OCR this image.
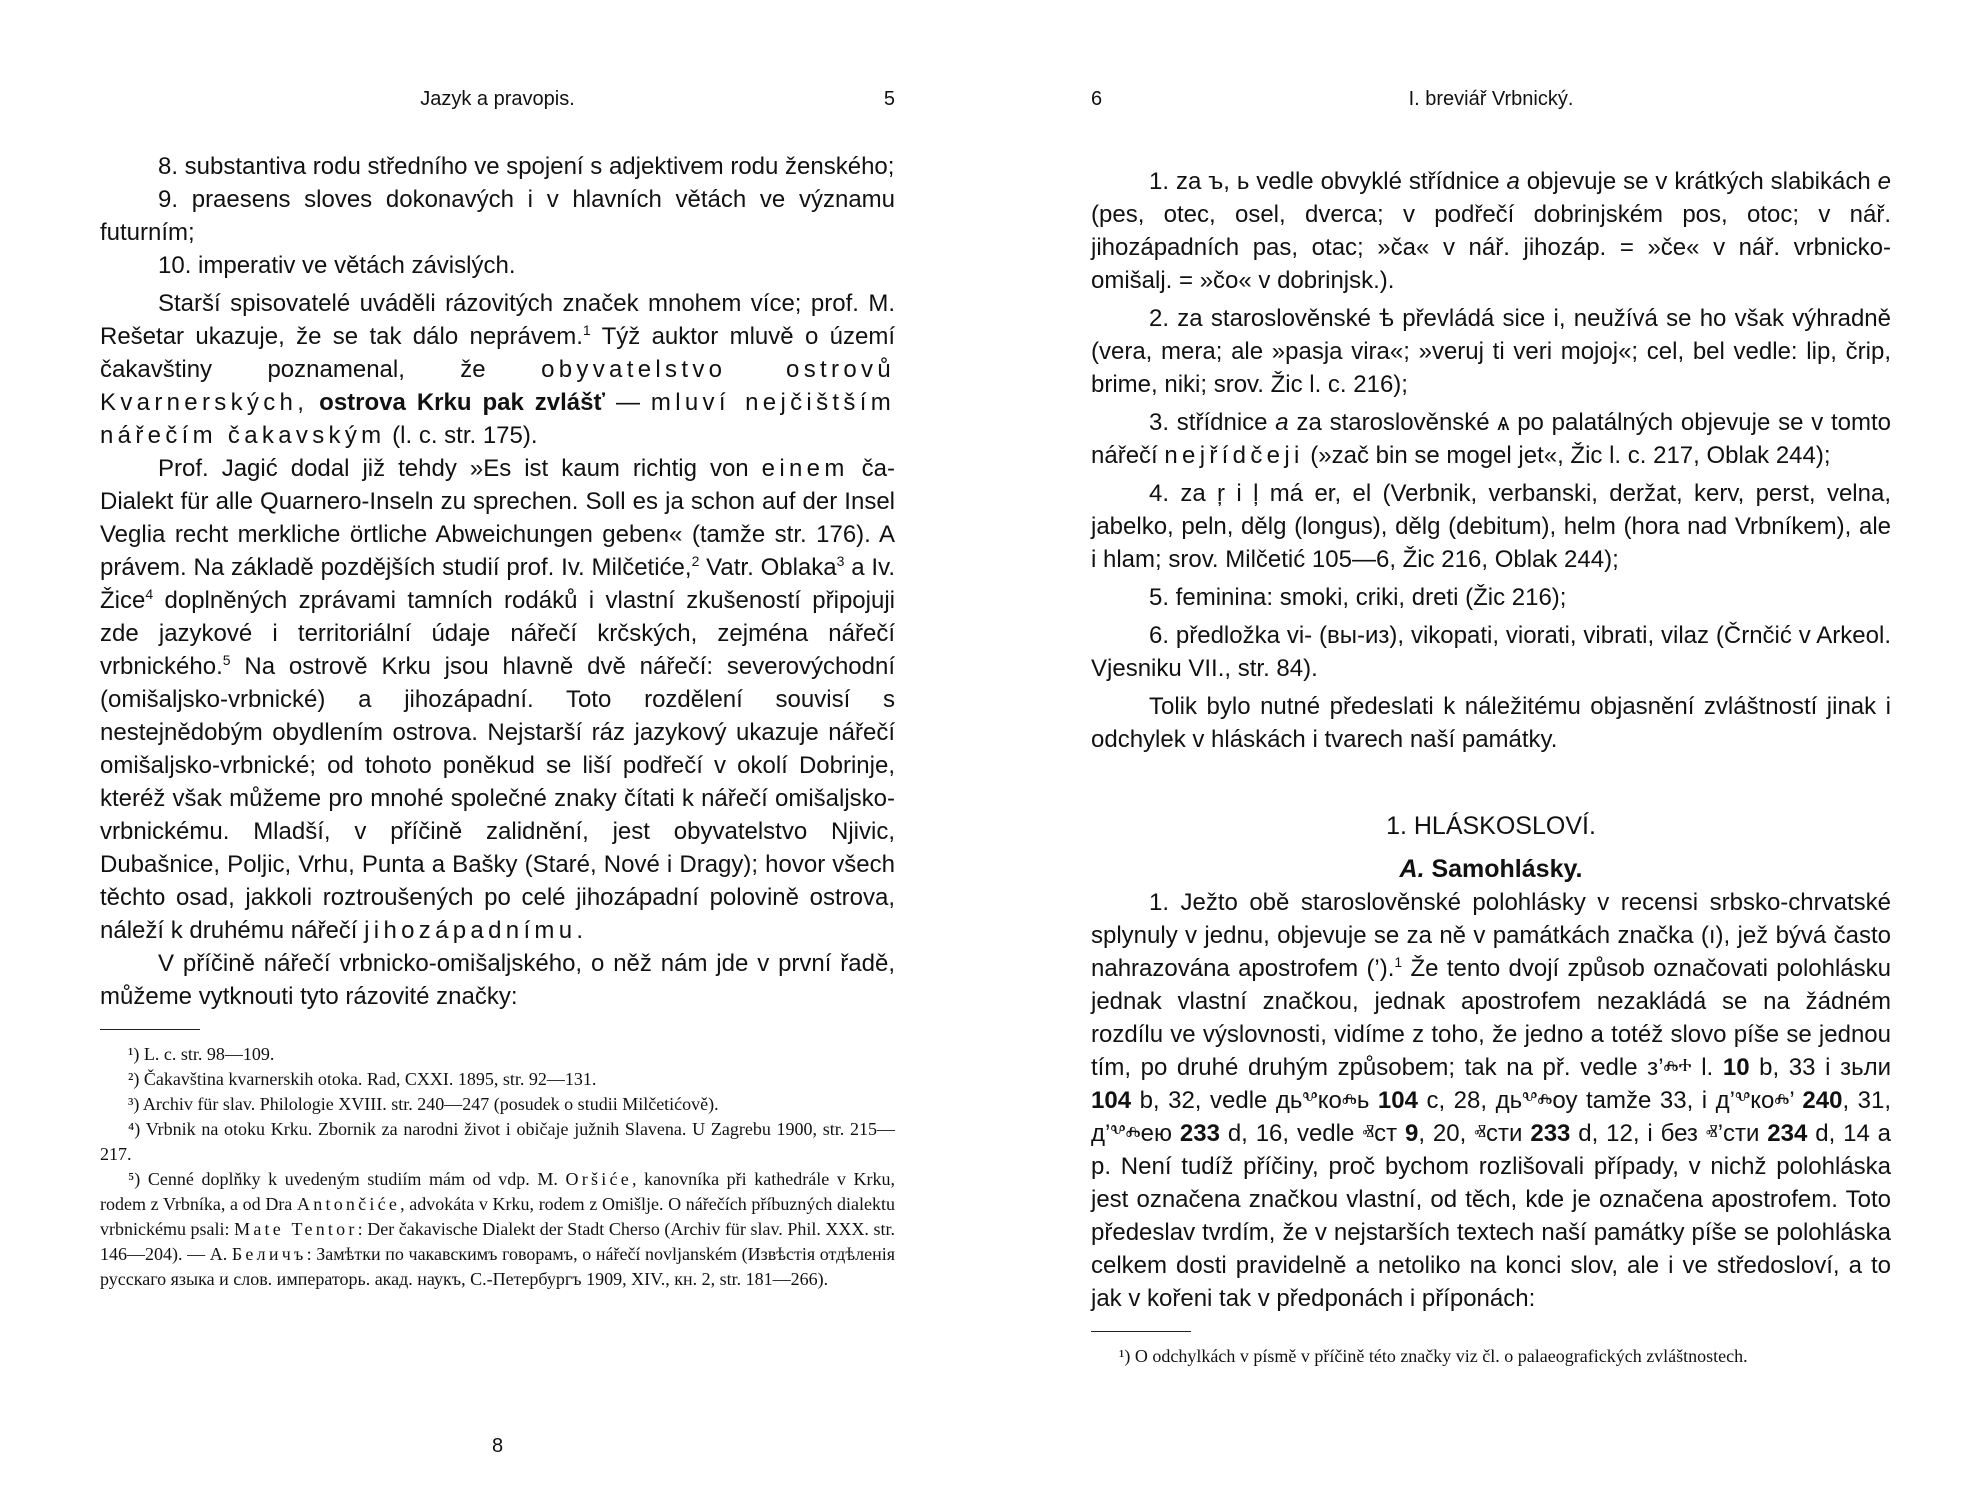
Jazyk a pravopis.	5

8. substantiva rodu středního ve spojení s adjektivem rodu ženského;

9. praesens sloves dokonavých i v hlavních větách ve významu futurním;

10. imperativ ve větách závislých.

Starší spisovatelé uváděli rázovitých značek mnohem více; prof. M. Rešetar ukazuje, že se tak dálo neprávem.$^1$ Týž auktor mluvě o území čakavštiny poznamenal, že obyvatelstvo ostrovů Kvarnerských, ostrova Krku pak zvlášť — mluví nejčištším nářečím čakavským (l. c. str. 175).

Prof. Jagić dodal již tehdy »Es ist kaum richtig von einem ča-Dialekt für alle Quarnero-Inseln zu sprechen. Soll es ja schon auf der Insel Veglia recht merkliche örtliche Abweichungen geben« (tamže str. 176). A právem. Na základě pozdějších studií prof. Iv. Milčetiće,$^2$ Vatr. Oblaka$^3$ a Iv. Žice$^4$ doplněných zprávami tamních rodáků i vlastní zkušeností připojuji zde jazykové i territoriální údaje nářečí krčských, zejména nářečí vrbnického.$^5$ Na ostrově Krku jsou hlavně dvě nářečí: severovýchodní (omišaljsko-vrbnické) a jihozápadní. Toto rozdělení souvisí s nestejnědobým obydlením ostrova. Nejstarší ráz jazykový ukazuje nářečí omišaljsko-vrbnické; od tohoto poněkud se liší podřečí v okolí Dobrinje, kteréž však můžeme pro mnohé společné znaky čítati k nářečí omišaljsko-vrbnickému. Mladší, v příčině zalidnění, jest obyvatelstvo Njivic, Dubašnice, Poljic, Vrhu, Punta a Bašky (Staré, Nové i Dragy); hovor všech těchto osad, jakkoli roztroušených po celé jihozápadní polovině ostrova, náleží k druhému nářečí jihozápadnímu.

V příčině nářečí vrbnicko-omišaljského, o něž nám jde v první řadě, můžeme vytknouti tyto rázovité značky:

¹) L. c. str. 98—109.

²) Čakavština kvarnerskih otoka. Rad, CXXI. 1895, str. 92—131.

³) Archiv für slav. Philologie XVIII. str. 240—247 (posudek o studii Milčetićově).

⁴) Vrbnik na otoku Krku. Zbornik za narodni život i običaje južnih Slavena. U Zagrebu 1900, str. 215—217.

⁵) Cenné doplňky k uvedeným studiím mám od vdp. M. Oršiće, kanovníka při kathedrále v Krku, rodem z Vrbníka, a od Dra Antončiće, advokáta v Krku, rodem z Omišlje. O nářečích příbuzných dialektu vrbnickému psali: Mate Tentor: Der čakavische Dialekt der Stadt Cherso (Archiv für slav. Phil. XXX. str. 146—204). — А. Беличъ: Замѣтки по чакавскимъ говорамъ, о нářečí novljanském (Извѣстія отдѣленія русскаго языка и слов. императорь. акад. наукъ, С.-Петербургъ 1909, XIV., кн. 2, str. 181—266).

8
6	I. breviář Vrbnický.

1. za ъ, ь vedle obvyklé střídnice a objevuje se v krátkých slabikách e (pes, otec, osel, dverca; v podřečí dobrinjském pos, otoc; v nář. jihozápadních pas, otac; »ča« v nář. jihozáp. = »če« v nář. vrbnicko-omišalj. = »čo« v dobrinjsk.).

2. za staroslověnské ѣ převládá sice i, neužívá se ho však výhradně (vera, mera; ale »pasja vira«; »veruj ti veri mojoj«; cel, bel vedle: lip, črip, brime, niki; srov. Žic l. c. 216);

3. střídnice a za staroslověnské ѧ po palatálných objevuje se v tomto nářečí nejřídčeji (»zač bin se mogel jet«, Žic l. c. 217, Oblak 244);

4. za ŗ i ļ má er, el (Verbnik, verbanski, deržat, kerv, perst, velna, jabelko, peln, dělg (longus), dělg (debitum), helm (hora nad Vrbníkem), ale i hlam; srov. Milčetić 105—6, Žic 216, Oblak 244);

5. feminina: smoki, criki, dreti (Žic 216);

6. předložka vi- (вы-из), vikopati, viorati, vibrati, vilaz (Črnčić v Arkeol. Vjesniku VII., str. 84).

Tolik bylo nutné předeslati k náležitému objasnění zvláštností jinak i odchylek v hláskách i tvarech naší památky.

1. HLÁSKOSLOVÍ.

A. Samohlásky.

1. Ježto obě staroslověnské polohlásky v recensi srbsko-chrvatské splynuly v jednu, objevuje se za ně v památkách značka (ı), jež bývá často nahrazována apostrofem (’).$^1$ Že tento dvojí způsob označovati polohlásku jednak vlastní značkou, jednak apostrofem nezakládá se na žádném rozdílu ve výslovnosti, vidíme z toho, že jedno a totéž slovo píše se jednou tím, po druhé druhým způsobem; tak na př. vedle з’ⰾⰰ l. 10 b, 33 i зьли 104 b, 32, vedle дьⰲкоⰾь 104 c, 28, дьⰲⰾоу tamže 33, i д’ⰲкоⰾ’ 240, 31, д’ⰲⰾею 233 d, 16, vedle ⱏст 9, 20, ⱏсти 233 d, 12, i без ⱏ’сти 234 d, 14 a p. Není tudíž příčiny, proč bychom rozlišovali případy, v nichž polohláska jest označena značkou vlastní, od těch, kde je označena apostrofem. Toto předeslav tvrdím, že v nejstarších textech naší památky píše se polohláska celkem dosti pravidelně a netoliko na konci slov, ale i ve středosloví, a to jak v kořeni tak v předponách i příponách:

¹) O odchylkách v písmě v příčině této značky viz čl. o palaeografických zvláštnostech.
